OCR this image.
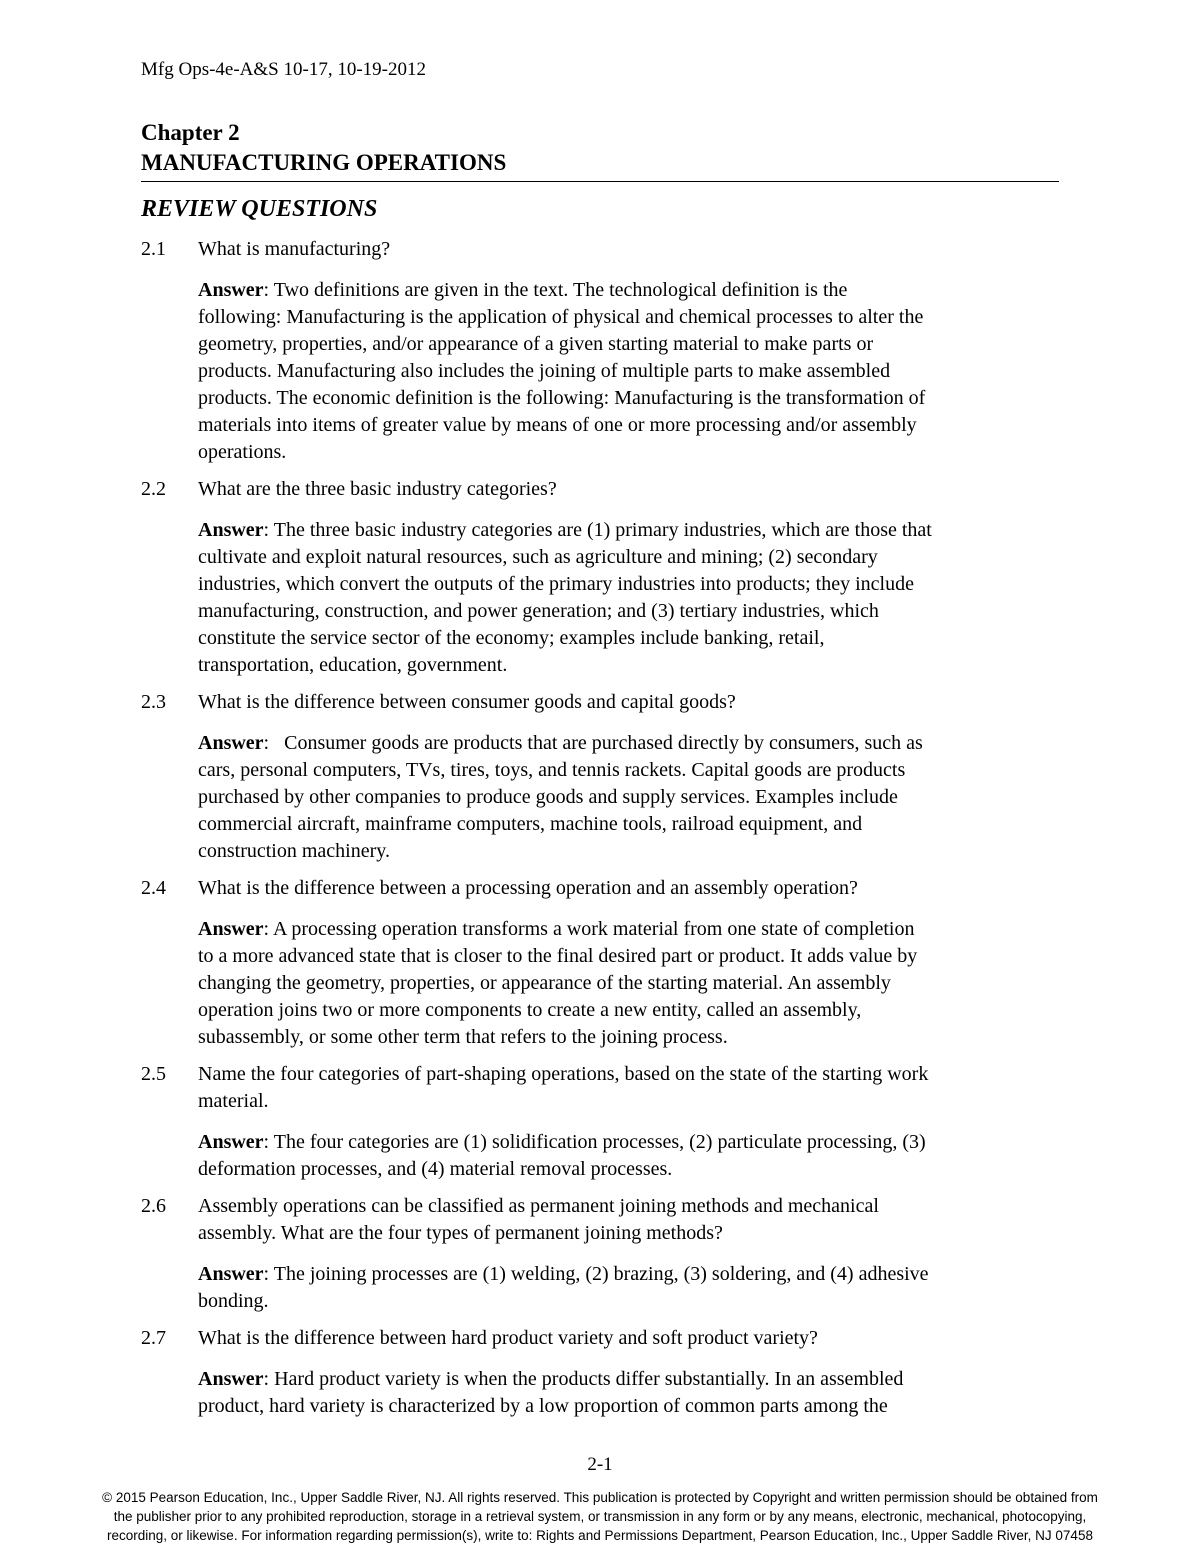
Mfg Ops-4e-A&S 10-17, 10-19-2012
Chapter 2
MANUFACTURING OPERATIONS
REVIEW QUESTIONS
2.1 What is manufacturing?
Answer: Two definitions are given in the text. The technological definition is the
following: Manufacturing is the application of physical and chemical processes to alter the
geometry, properties, and/or appearance of a given starting material to make parts or
products. Manufacturing also includes the joining of multiple parts to make assembled
products. The economic definition is the following: Manufacturing is the transformation of
materials into items of greater value by means of one or more processing and/or assembly
operations.
2.2 What are the three basic industry categories?
Answer: The three basic industry categories are (1) primary industries, which are those that
cultivate and exploit natural resources, such as agriculture and mining; (2) secondary
industries, which convert the outputs of the primary industries into products; they include
manufacturing, construction, and power generation; and (3) tertiary industries, which
constitute the service sector of the economy; examples include banking, retail,
transportation, education, government.
2.3 What is the difference between consumer goods and capital goods?
Answer:   Consumer goods are products that are purchased directly by consumers, such as
cars, personal computers, TVs, tires, toys, and tennis rackets. Capital goods are products
purchased by other companies to produce goods and supply services. Examples include
commercial aircraft, mainframe computers, machine tools, railroad equipment, and
construction machinery.
2.4 What is the difference between a processing operation and an assembly operation?
Answer: A processing operation transforms a work material from one state of completion
to a more advanced state that is closer to the final desired part or product. It adds value by
changing the geometry, properties, or appearance of the starting material. An assembly
operation joins two or more components to create a new entity, called an assembly,
subassembly, or some other term that refers to the joining process.
2.5 Name the four categories of part-shaping operations, based on the state of the starting work
material.
Answer: The four categories are (1) solidification processes, (2) particulate processing, (3)
deformation processes, and (4) material removal processes.
2.6 Assembly operations can be classified as permanent joining methods and mechanical
assembly. What are the four types of permanent joining methods?
Answer: The joining processes are (1) welding, (2) brazing, (3) soldering, and (4) adhesive
bonding.
2.7 What is the difference between hard product variety and soft product variety?
Answer: Hard product variety is when the products differ substantially. In an assembled
product, hard variety is characterized by a low proportion of common parts among the
2-1
© 2015 Pearson Education, Inc., Upper Saddle River, NJ. All rights reserved. This publication is protected by Copyright and written permission should be obtained from
the publisher prior to any prohibited reproduction, storage in a retrieval system, or transmission in any form or by any means, electronic, mechanical, photocopying,
recording, or likewise. For information regarding permission(s), write to: Rights and Permissions Department, Pearson Education, Inc., Upper Saddle River, NJ 07458
